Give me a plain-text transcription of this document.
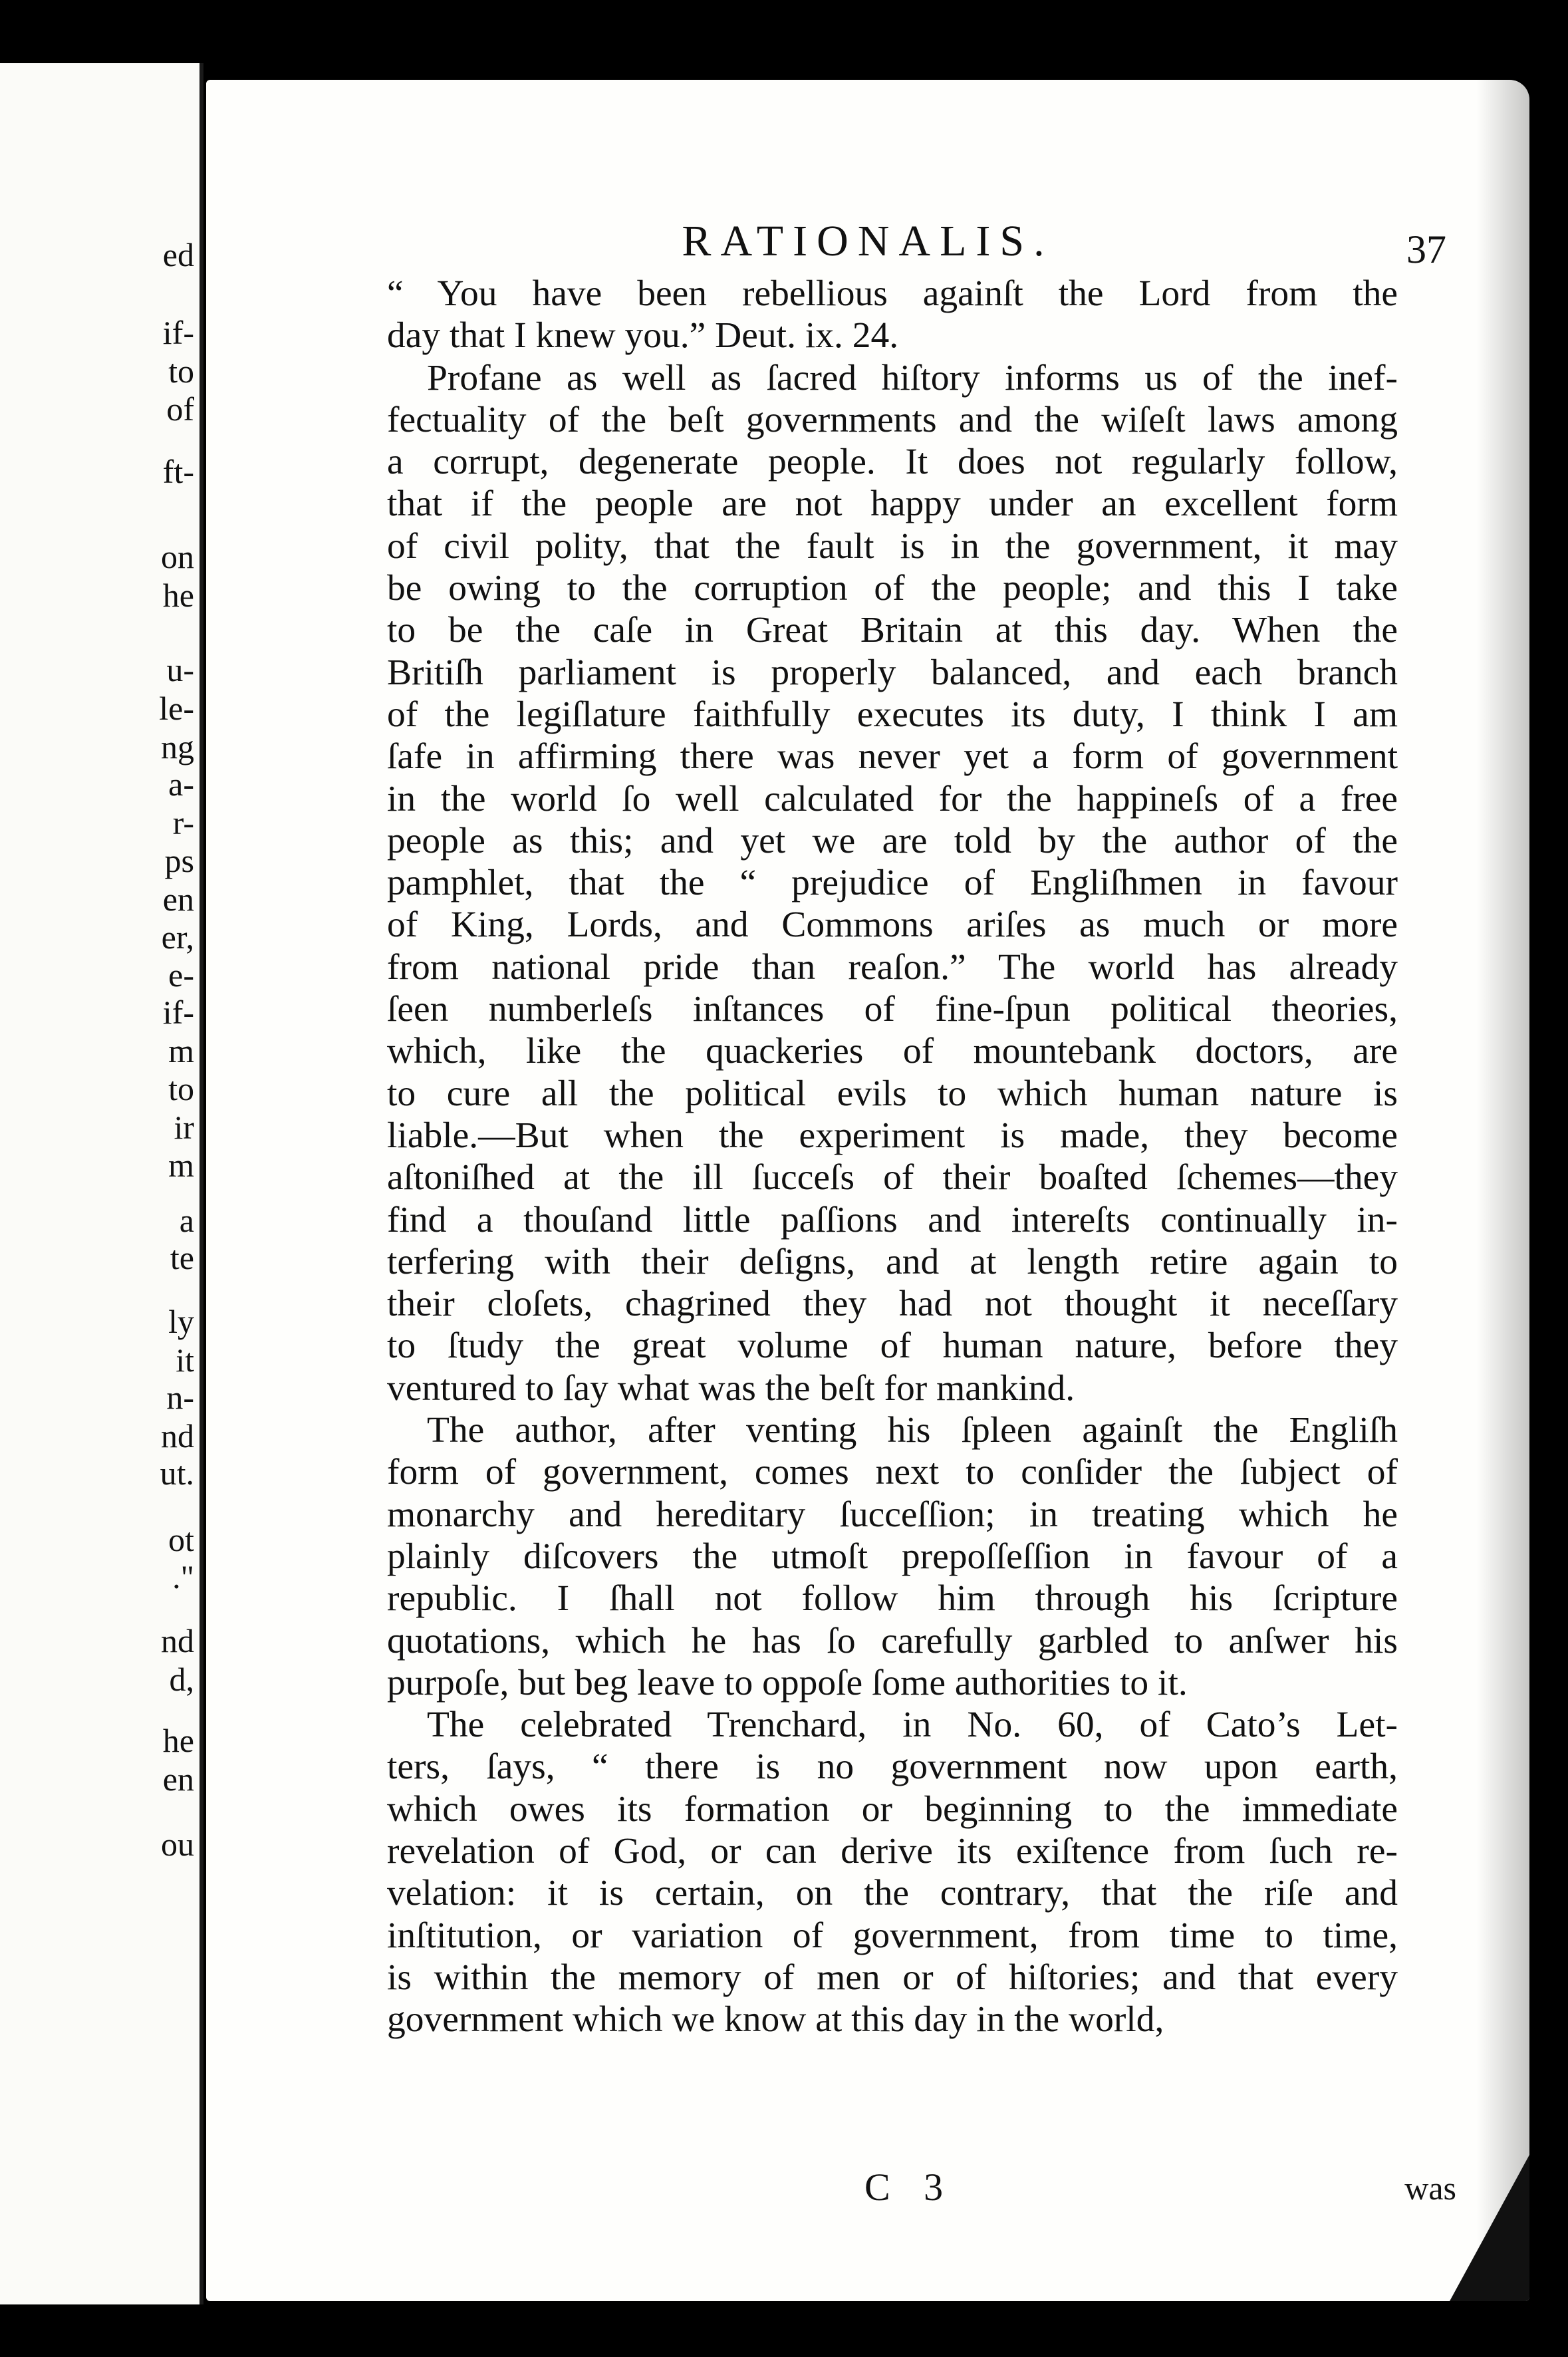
ed
if-
to
of
ft-
on
he
u-
le-
ng
a-
r-
ps
en
er,
e-
if-
m
to
ir
m
a
te
ly
it
n-
nd
ut.
ot
."
nd
d,
he
en
ou
RATIONALIS.	37
“ You have been rebellious againſt the Lord from the
day that I knew you.” Deut. ix. 24.
Profane as well as ſacred hiſtory informs us of the inef-
fectuality of the beſt governments and the wiſeſt laws among
a corrupt, degenerate people. It does not regularly follow,
that if the people are not happy under an excellent form
of civil polity, that the fault is in the government, it may
be owing to the corruption of the people; and this I take
to be the caſe in Great Britain at this day. When the
Britiſh parliament is properly balanced, and each branch
of the legiſlature faithfully executes its duty, I think I am
ſafe in affirming there was never yet a form of government
in the world ſo well calculated for the happineſs of a free
people as this; and yet we are told by the author of the
pamphlet, that the “ prejudice of Engliſhmen in favour
of King, Lords, and Commons ariſes as much or more
from national pride than reaſon.” The world has already
ſeen numberleſs inſtances of fine-ſpun political theories,
which, like the quackeries of mountebank doctors, are
to cure all the political evils to which human nature is
liable.—But when the experiment is made, they become
aſtoniſhed at the ill ſucceſs of their boaſted ſchemes—they
find a thouſand little paſſions and intereſts continually in-
terfering with their deſigns, and at length retire again to
their cloſets, chagrined they had not thought it neceſſary
to ſtudy the great volume of human nature, before they
ventured to ſay what was the beſt for mankind.
The author, after venting his ſpleen againſt the Engliſh
form of government, comes next to conſider the ſubject of
monarchy and hereditary ſucceſſion; in treating which he
plainly diſcovers the utmoſt prepoſſeſſion in favour of a
republic. I ſhall not follow him through his ſcripture
quotations, which he has ſo carefully garbled to anſwer his
purpoſe, but beg leave to oppoſe ſome authorities to it.
The celebrated Trenchard, in No. 60, of Cato’s Let-
ters, ſays, “ there is no government now upon earth,
which owes its formation or beginning to the immediate
revelation of God, or can derive its exiſtence from ſuch re-
velation: it is certain, on the contrary, that the riſe and
inſtitution, or variation of government, from time to time,
is within the memory of men or of hiſtories; and that every
government which we know at this day in the world,
C 3	was
